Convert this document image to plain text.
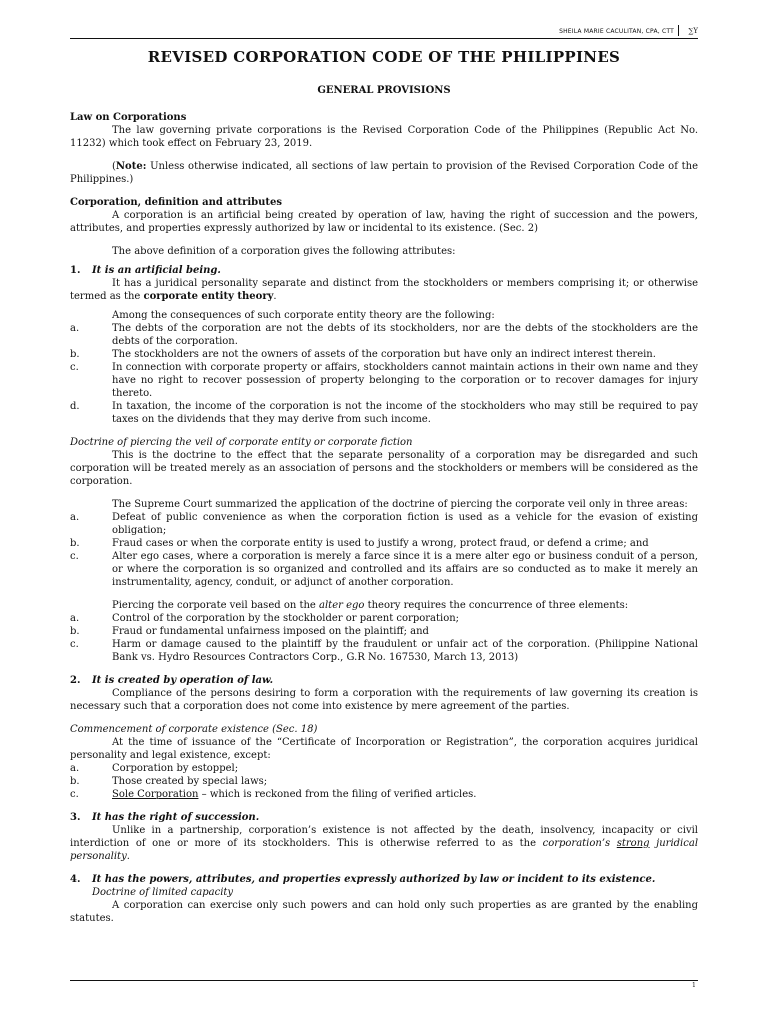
SHEILA MARIE CACULITAN, CPA, CTT ∑Υ
REVISED CORPORATION CODE OF THE PHILIPPINES
GENERAL PROVISIONS

Law on Corporations

The law governing private corporations is the Revised Corporation Code of the Philippines (Republic Act No. 11232) which took effect on February 23, 2019.

(Note: Unless otherwise indicated, all sections of law pertain to provision of the Revised Corporation Code of the Philippines.)

Corporation, definition and attributes

A corporation is an artificial being created by operation of law, having the right of succession and the powers, attributes, and properties expressly authorized by law or incidental to its existence. (Sec. 2)

The above definition of a corporation gives the following attributes:

1. It is an artificial being.

It has a juridical personality separate and distinct from the stockholders or members comprising it; or otherwise termed as the corporate entity theory.

Among the consequences of such corporate entity theory are the following:

a.	The debts of the corporation are not the debts of its stockholders, nor are the debts of the stockholders are the debts of the corporation.
b.	The stockholders are not the owners of assets of the corporation but have only an indirect interest therein.
c.	In connection with corporate property or affairs, stockholders cannot maintain actions in their own name and they have no right to recover possession of property belonging to the corporation or to recover damages for injury thereto.
d.	In taxation, the income of the corporation is not the income of the stockholders who may still be required to pay taxes on the dividends that they may derive from such income.

Doctrine of piercing the veil of corporate entity or corporate fiction

This is the doctrine to the effect that the separate personality of a corporation may be disregarded and such corporation will be treated merely as an association of persons and the stockholders or members will be considered as the corporation.

The Supreme Court summarized the application of the doctrine of piercing the corporate veil only in three areas:

a.	Defeat of public convenience as when the corporation fiction is used as a vehicle for the evasion of existing obligation;
b.	Fraud cases or when the corporate entity is used to justify a wrong, protect fraud, or defend a crime; and
c.	Alter ego cases, where a corporation is merely a farce since it is a mere alter ego or business conduit of a person, or where the corporation is so organized and controlled and its affairs are so conducted as to make it merely an instrumentality, agency, conduit, or adjunct of another corporation.

Piercing the corporate veil based on the alter ego theory requires the concurrence of three elements:

a.	Control of the corporation by the stockholder or parent corporation;
b.	Fraud or fundamental unfairness imposed on the plaintiff; and
c.	Harm or damage caused to the plaintiff by the fraudulent or unfair act of the corporation. (Philippine National Bank vs. Hydro Resources Contractors Corp., G.R No. 167530, March 13, 2013)
2. It is created by operation of law.

Compliance of the persons desiring to form a corporation with the requirements of law governing its creation is necessary such that a corporation does not come into existence by mere agreement of the parties.

Commencement of corporate existence (Sec. 18)

At the time of issuance of the “Certificate of Incorporation or Registration”, the corporation acquires juridical personality and legal existence, except:

a.	Corporation by estoppel;
b.	Those created by special laws;
c.	Sole Corporation – which is reckoned from the filing of verified articles.
3. It has the right of succession.

Unlike in a partnership, corporation’s existence is not affected by the death, insolvency, incapacity or civil interdiction of one or more of its stockholders. This is otherwise referred to as the corporation’s strong juridical personality.

4. It has the powers, attributes, and properties expressly authorized by law or incident to its existence.

Doctrine of limited capacity

A corporation can exercise only such powers and can hold only such properties as are granted by the enabling statutes.

1
